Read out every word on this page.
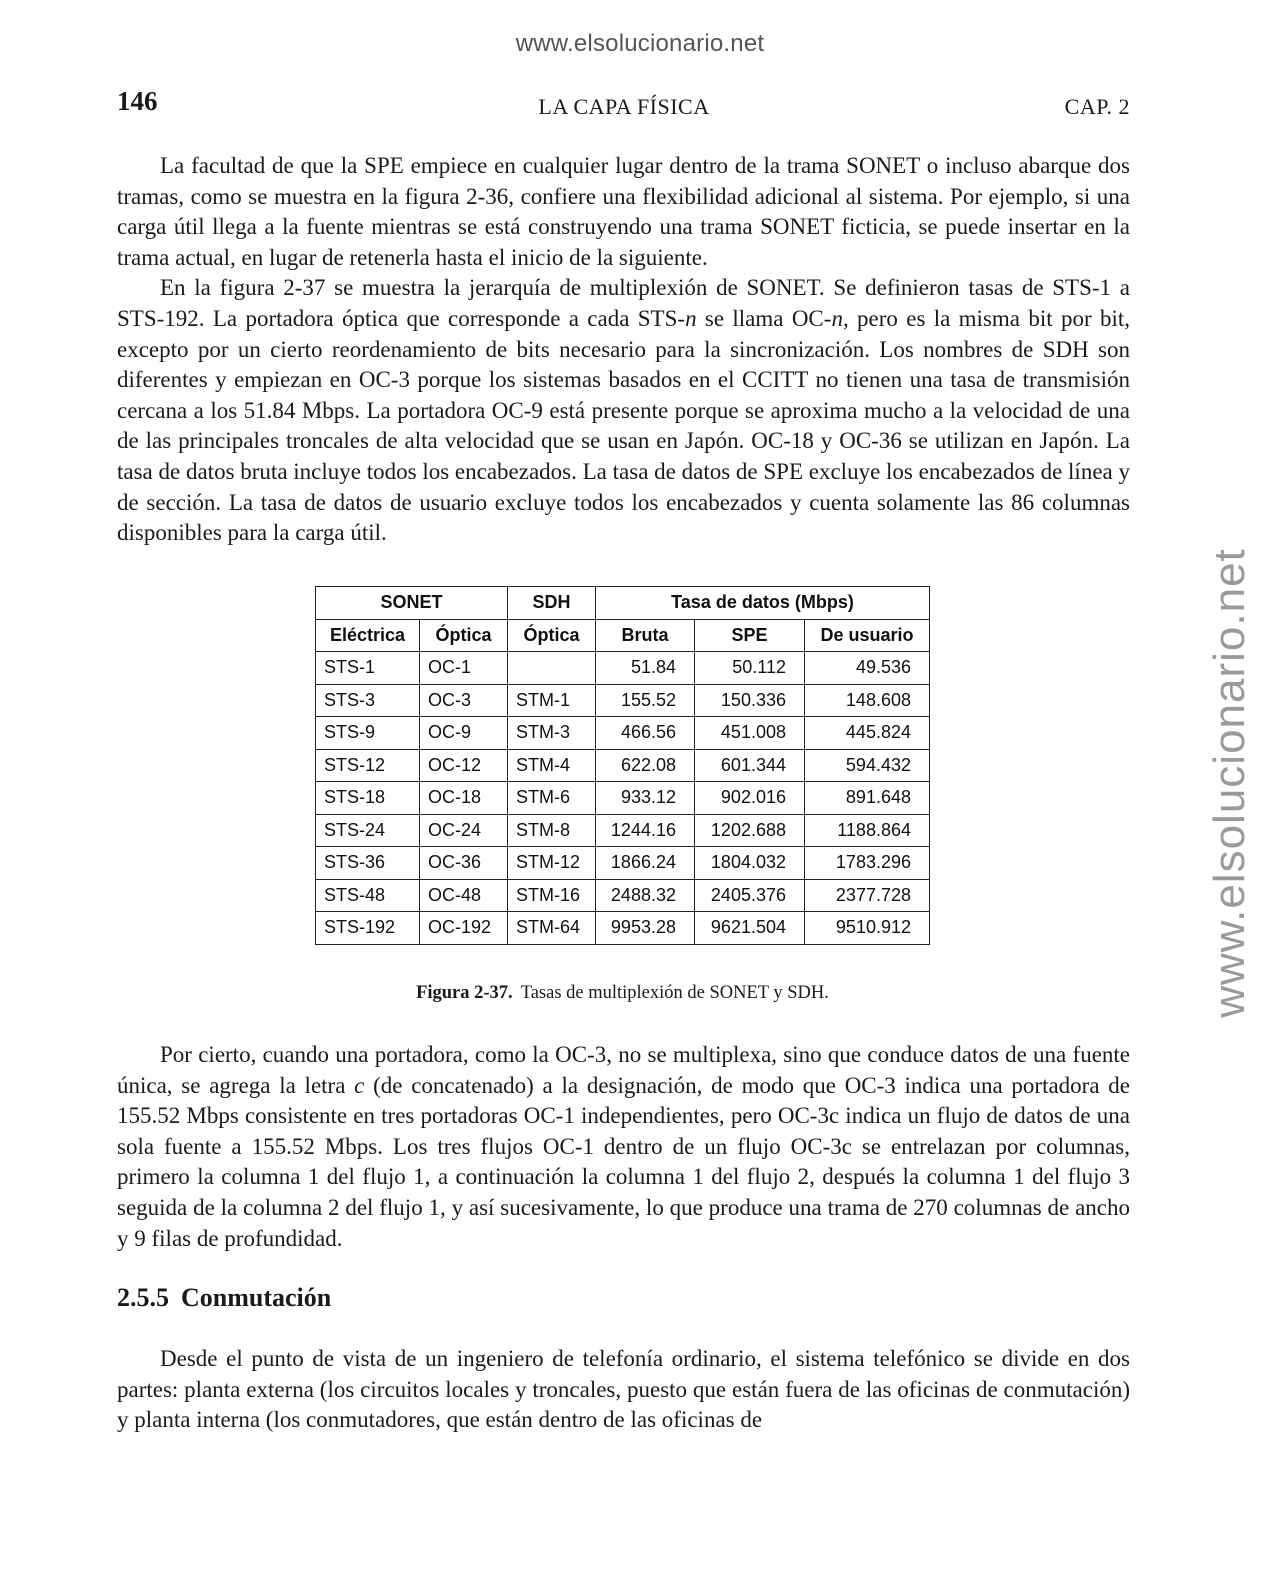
www.elsolucionario.net
www.elsolucionario.net
146	LA CAPA FÍSICA	CAP. 2

La facultad de que la SPE empiece en cualquier lugar dentro de la trama SONET o incluso abarque dos tramas, como se muestra en la figura 2-36, confiere una flexibilidad adicional al sistema. Por ejemplo, si una carga útil llega a la fuente mientras se está construyendo una trama SONET ficticia, se puede insertar en la trama actual, en lugar de retenerla hasta el inicio de la siguiente.

En la figura 2-37 se muestra la jerarquía de multiplexión de SONET. Se definieron tasas de STS-1 a STS-192. La portadora óptica que corresponde a cada STS-n se llama OC-n, pero es la misma bit por bit, excepto por un cierto reordenamiento de bits necesario para la sincronización. Los nombres de SDH son diferentes y empiezan en OC-3 porque los sistemas basados en el CCITT no tienen una tasa de transmisión cercana a los 51.84 Mbps. La portadora OC-9 está presente porque se aproxima mucho a la velocidad de una de las principales troncales de alta velocidad que se usan en Japón. OC-18 y OC-36 se utilizan en Japón. La tasa de datos bruta incluye todos los encabezados. La tasa de datos de SPE excluye los encabezados de línea y de sección. La tasa de datos de usuario excluye todos los encabezados y cuenta solamente las 86 columnas disponibles para la carga útil.

SONET		SDH	Tasa de datos (Mbps)		
Eléctrica	Óptica	Óptica	Bruta	SPE	De usuario
STS-1	OC-1		51.84	50.112	49.536
STS-3	OC-3	STM-1	155.52	150.336	148.608
STS-9	OC-9	STM-3	466.56	451.008	445.824
STS-12	OC-12	STM-4	622.08	601.344	594.432
STS-18	OC-18	STM-6	933.12	902.016	891.648
STS-24	OC-24	STM-8	1244.16	1202.688	1188.864
STS-36	OC-36	STM-12	1866.24	1804.032	1783.296
STS-48	OC-48	STM-16	2488.32	2405.376	2377.728
STS-192	OC-192	STM-64	9953.28	9621.504	9510.912
Figura 2-37. Tasas de multiplexión de SONET y SDH.

Por cierto, cuando una portadora, como la OC-3, no se multiplexa, sino que conduce datos de una fuente única, se agrega la letra c (de concatenado) a la designación, de modo que OC-3 indica una portadora de 155.52 Mbps consistente en tres portadoras OC-1 independientes, pero OC-3c indica un flujo de datos de una sola fuente a 155.52 Mbps. Los tres flujos OC-1 dentro de un flujo OC-3c se entrelazan por columnas, primero la columna 1 del flujo 1, a continuación la columna 1 del flujo 2, después la columna 1 del flujo 3 seguida de la columna 2 del flujo 1, y así sucesivamente, lo que produce una trama de 270 columnas de ancho y 9 filas de profundidad.

2.5.5 Conmutación

Desde el punto de vista de un ingeniero de telefonía ordinario, el sistema telefónico se divide en dos partes: planta externa (los circuitos locales y troncales, puesto que están fuera de las oficinas de conmutación) y planta interna (los conmutadores, que están dentro de las oficinas de
